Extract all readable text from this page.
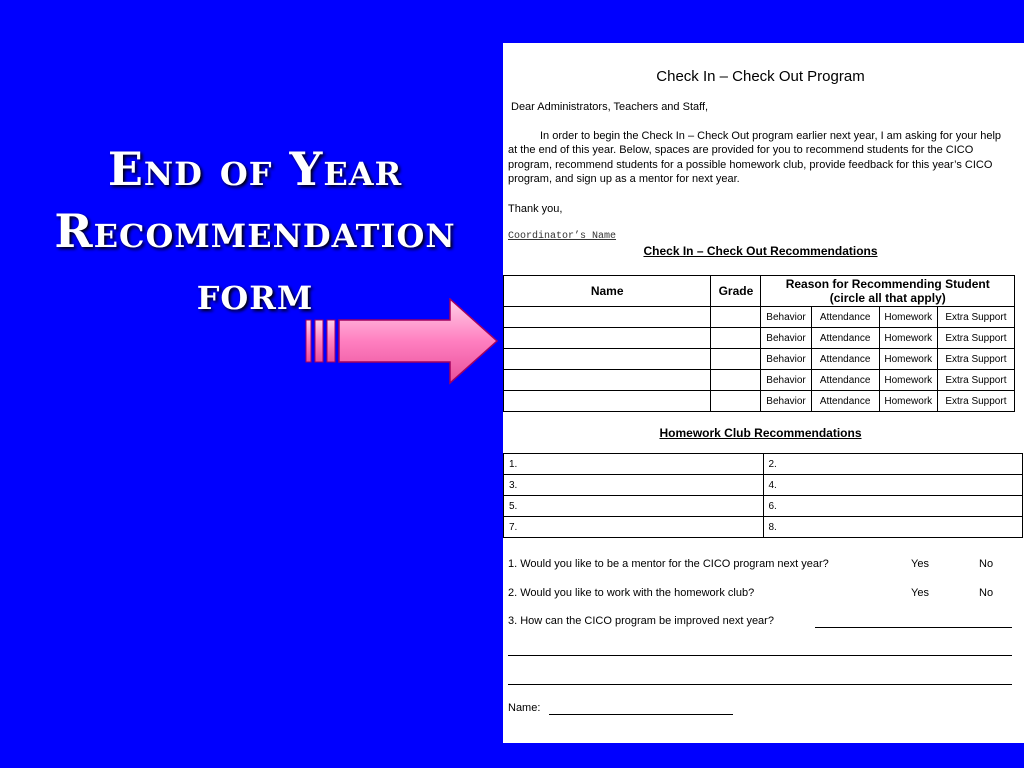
End of Year Recommendation form
Check In – Check Out Program
Dear Administrators, Teachers and Staff,

In order to begin the Check In – Check Out program earlier next year, I am asking for your help at the end of this year. Below, spaces are provided for you to recommend students for the CICO program, recommend students for a possible homework club, provide feedback for this year’s CICO program, and sign up as a mentor for next year.

Thank you,
Coordinator’s Name
Check In – Check Out Recommendations
Name	Grade	Reason for Recommending Student
(circle all that apply)			

		Behavior	Attendance	Homework	Extra Support
		Behavior	Attendance	Homework	Extra Support
		Behavior	Attendance	Homework	Extra Support
		Behavior	Attendance	Homework	Extra Support
		Behavior	Attendance	Homework	Extra Support
Homework Club Recommendations
1.	2.
3.	4.
5.	6.
7.	8.
1. Would you like to be a mentor for the CICO program next year?	Yes	No
2. Would you like to work with the homework club?	Yes	No
3. How can the CICO program be improved next year?
Name:
